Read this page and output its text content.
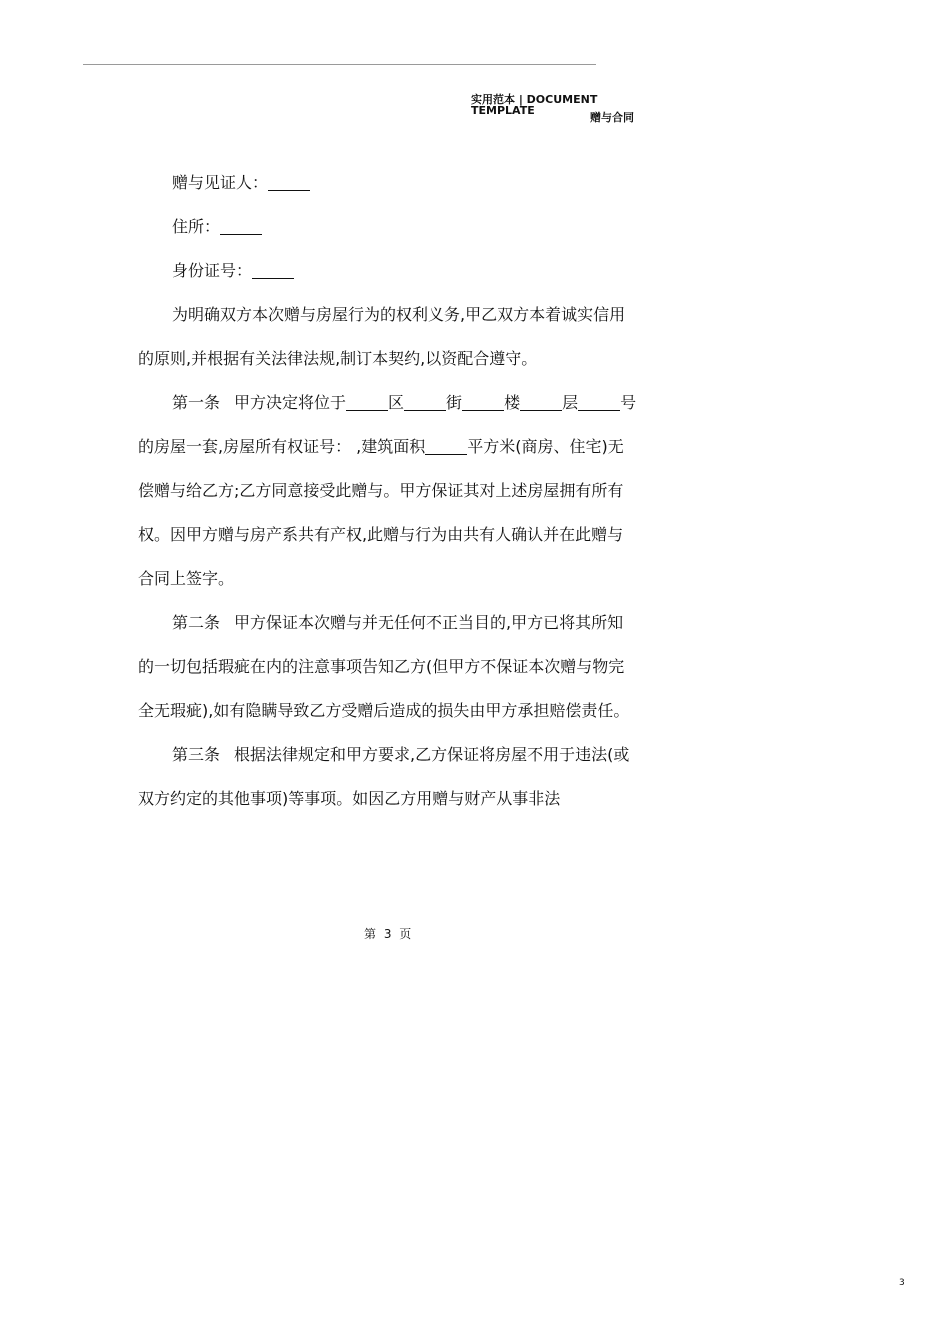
实用范本 | DOCUMENT
TEMPLATE
赠与合同

赠与见证人：

住所：

身份证号：

为明确双方本次赠与房屋行为的权利义务,甲乙双方本着诚实信用的原则,并根据有关法律法规,制订本契约,以资配合遵守。

第一条 甲方决定将位于	区	街	楼	层	号的房屋一套,房屋所有权证号： ,建筑面积	平方米(商房、住宅)无偿赠与给乙方;乙方同意接受此赠与。甲方保证其对上述房屋拥有所有权。因甲方赠与房产系共有产权,此赠与行为由共有人确认并在此赠与合同上签字。

第二条 甲方保证本次赠与并无任何不正当目的,甲方已将其所知的一切包括瑕疵在内的注意事项告知乙方(但甲方不保证本次赠与物完全无瑕疵),如有隐瞒导致乙方受赠后造成的损失由甲方承担赔偿责任。

第三条 根据法律规定和甲方要求,乙方保证将房屋不用于违法(或双方约定的其他事项)等事项。如因乙方用赠与财产从事非法

第 3 页
3
